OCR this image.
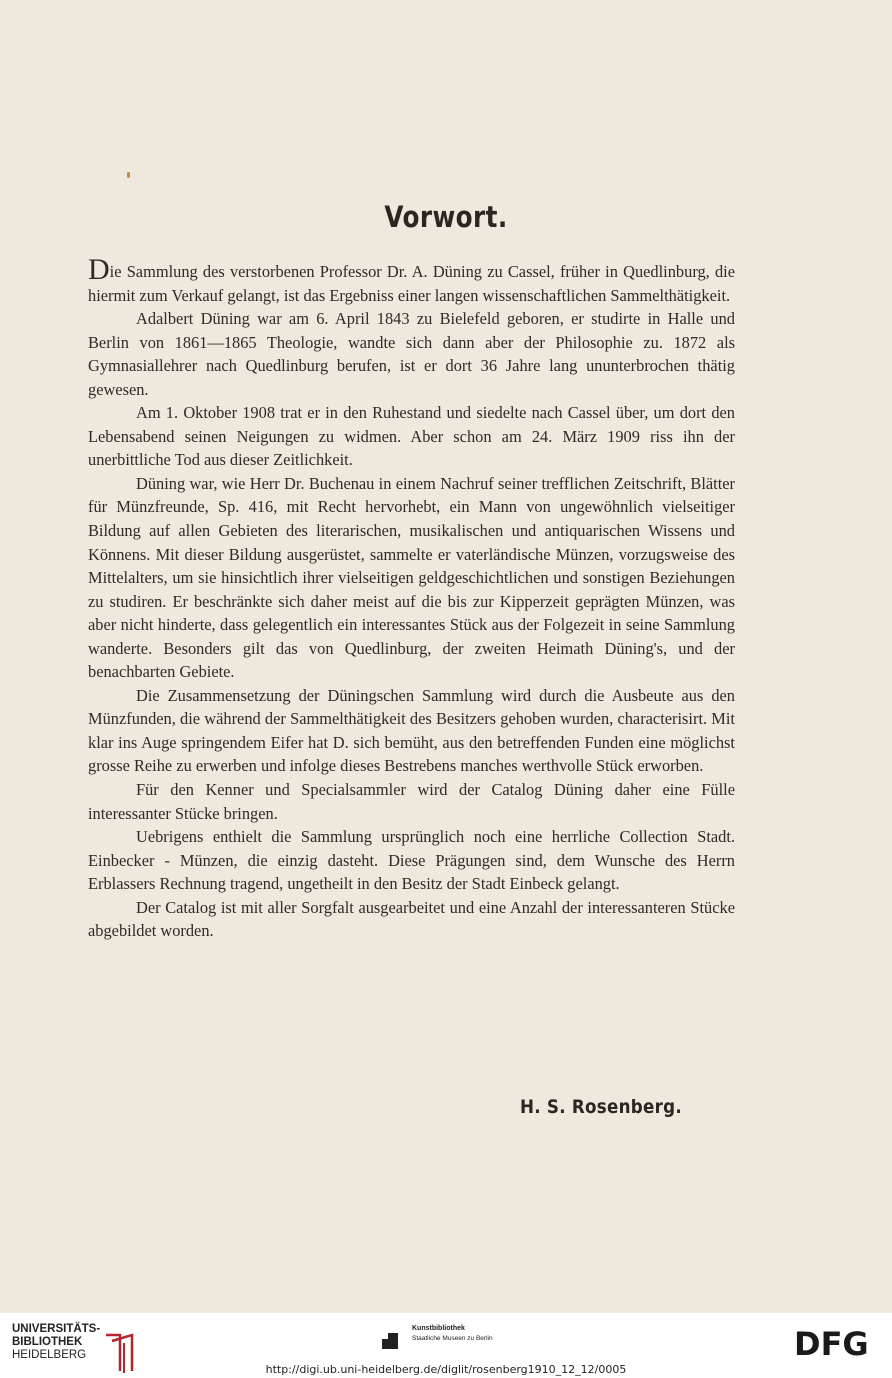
Vorwort.

Die Sammlung des verstorbenen Professor Dr. A. Düning zu Cassel, früher in Quedlinburg, die hiermit zum Verkauf gelangt, ist das Ergebniss einer langen wissenschaftlichen Sammelthätigkeit.

Adalbert Düning war am 6. April 1843 zu Bielefeld geboren, er studirte in Halle und Berlin von 1861—1865 Theologie, wandte sich dann aber der Philosophie zu. 1872 als Gymnasiallehrer nach Quedlinburg berufen, ist er dort 36 Jahre lang ununterbrochen thätig gewesen.

Am 1. Oktober 1908 trat er in den Ruhestand und siedelte nach Cassel über, um dort den Lebensabend seinen Neigungen zu widmen. Aber schon am 24. März 1909 riss ihn der unerbittliche Tod aus dieser Zeitlichkeit.

Düning war, wie Herr Dr. Buchenau in einem Nachruf seiner trefflichen Zeitschrift, Blätter für Münzfreunde, Sp. 416, mit Recht hervorhebt, ein Mann von ungewöhnlich vielseitiger Bildung auf allen Gebieten des literarischen, musikalischen und antiquarischen Wissens und Könnens. Mit dieser Bildung ausgerüstet, sammelte er vaterländische Münzen, vorzugsweise des Mittelalters, um sie hinsichtlich ihrer vielseitigen geldgeschichtlichen und sonstigen Beziehungen zu studiren. Er beschränkte sich daher meist auf die bis zur Kipperzeit geprägten Münzen, was aber nicht hinderte, dass gelegentlich ein interessantes Stück aus der Folgezeit in seine Sammlung wanderte. Besonders gilt das von Quedlinburg, der zweiten Heimath Düning's, und der benachbarten Gebiete.

Die Zusammensetzung der Düningschen Sammlung wird durch die Ausbeute aus den Münzfunden, die während der Sammelthätigkeit des Besitzers gehoben wurden, characterisirt. Mit klar ins Auge springendem Eifer hat D. sich bemüht, aus den betreffenden Funden eine möglichst grosse Reihe zu erwerben und infolge dieses Bestrebens manches werthvolle Stück erworben.

Für den Kenner und Specialsammler wird der Catalog Düning daher eine Fülle interessanter Stücke bringen.

Uebrigens enthielt die Sammlung ursprünglich noch eine herrliche Collection Stadt. Einbecker - Münzen, die einzig dasteht. Diese Prägungen sind, dem Wunsche des Herrn Erblassers Rechnung tragend, ungetheilt in den Besitz der Stadt Einbeck gelangt.

Der Catalog ist mit aller Sorgfalt ausgearbeitet und eine Anzahl der interessanteren Stücke abgebildet worden.

H. S. Rosenberg.
UNIVERSITÄTS-
BIBLIOTHEK
HEIDELBERG
Kunstbibliothek
Staatliche Museen zu Berlin	DFG
http://digi.ub.uni-heidelberg.de/diglit/rosenberg1910_12_12/0005
